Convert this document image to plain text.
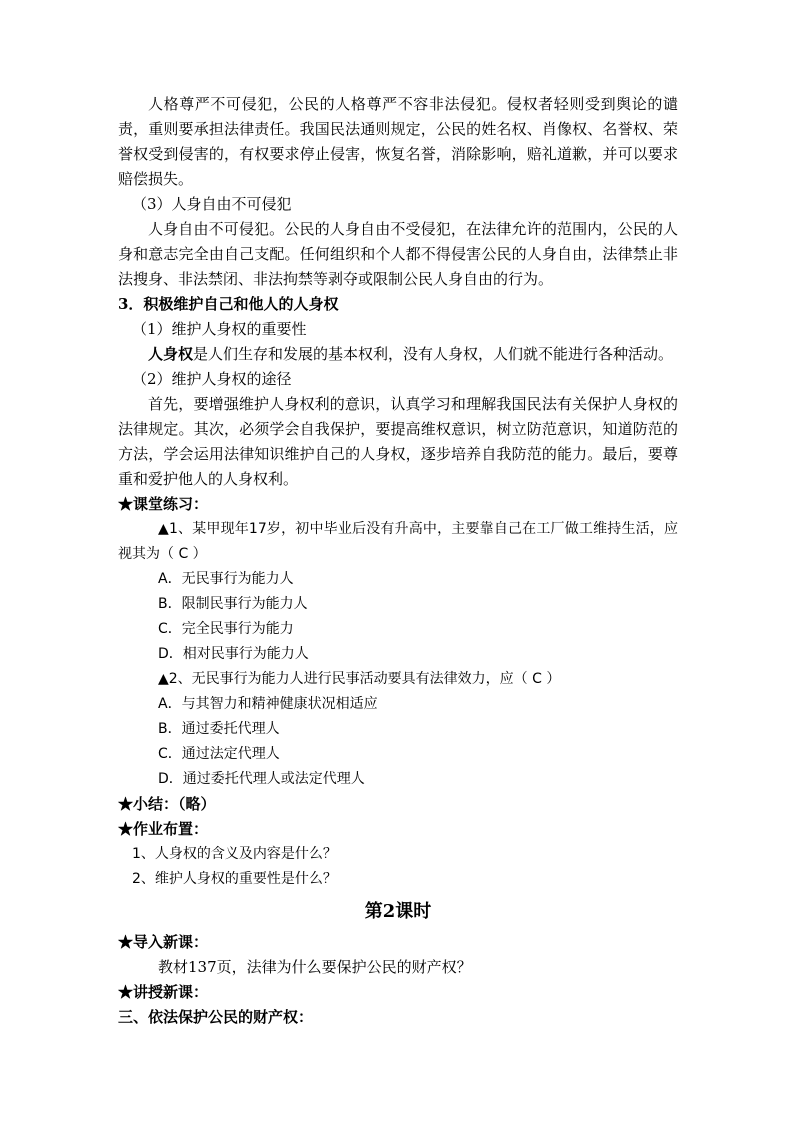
人格尊严不可侵犯，公民的人格尊严不容非法侵犯。侵权者轻则受到舆论的谴责，重则要承担法律责任。我国民法通则规定，公民的姓名权、肖像权、名誉权、荣誉权受到侵害的，有权要求停止侵害，恢复名誉，消除影响，赔礼道歉，并可以要求赔偿损失。

（3）人身自由不可侵犯

人身自由不可侵犯。公民的人身自由不受侵犯，在法律允许的范围内，公民的人身和意志完全由自己支配。任何组织和个人都不得侵害公民的人身自由，法律禁止非法搜身、非法禁闭、非法拘禁等剥夺或限制公民人身自由的行为。

3．积极维护自己和他人的人身权

（1）维护人身权的重要性

人身权是人们生存和发展的基本权利，没有人身权，人们就不能进行各种活动。

（2）维护人身权的途径

首先，要增强维护人身权利的意识，认真学习和理解我国民法有关保护人身权的法律规定。其次，必须学会自我保护，要提高维权意识，树立防范意识，知道防范的方法，学会运用法律知识维护自己的人身权，逐步培养自我防范的能力。最后，要尊重和爱护他人的人身权利。

★课堂练习：

▲1、某甲现年17岁，初中毕业后没有升高中，主要靠自己在工厂做工维持生活，应视其为（ C ）

A．无民事行为能力人

B．限制民事行为能力人

C．完全民事行为能力

D．相对民事行为能力人

▲2、无民事行为能力人进行民事活动要具有法律效力，应（ C ）

A．与其智力和精神健康状况相适应

B．通过委托代理人

C．通过法定代理人

D．通过委托代理人或法定代理人

★小结：（略）

★作业布置：

1、人身权的含义及内容是什么？

2、维护人身权的重要性是什么？

第2课时

★导入新课：

教材137页，法律为什么要保护公民的财产权？

★讲授新课：

三、依法保护公民的财产权：
